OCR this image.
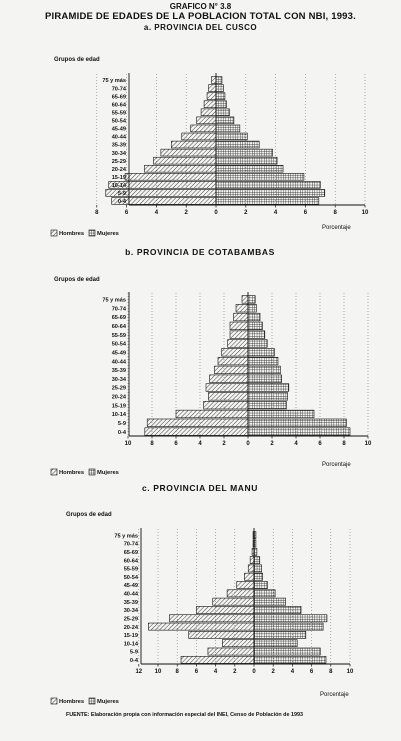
GRAFICO N° 3.8
PIRAMIDE DE EDADES DE LA POBLACION TOTAL CON NBI, 1993.
a. PROVINCIA DEL CUSCO
Grupos de edad
75 y más
70-74
65-69
60-64
55-59
50-54
45-49
40-44
35-39
30-34
25-29
20-24
15-19
10-14
5-9
0-4
8	6	4	2	0	2	4	6	8	10
Porcentaje
Hombres Mujeres
b. PROVINCIA DE COTABAMBAS
Grupos de edad
75 y más
70-74
65-69
60-64
55-59
50-54
45-49
40-44
35-39
30-34
25-29
20-24
15-19
10-14
5-9
0-4
10	8	6	4	2	0	2	4	6	8	10
Porcentaje
Hombres Mujeres
c. PROVINCIA DEL MANU
Grupos de edad
75 y más
70-74
65-69
60-64
55-59
50-54
45-49
40-44
35-39
30-34
25-29
20-24
15-19
10-14
5-9
0-4
12 10 8	6	4	2	0	2	4	6	8 10
Porcentaje
Hombres Mujeres
FUENTE: Elaboración propia con información especial del INEI, Censo de Población de 1993
